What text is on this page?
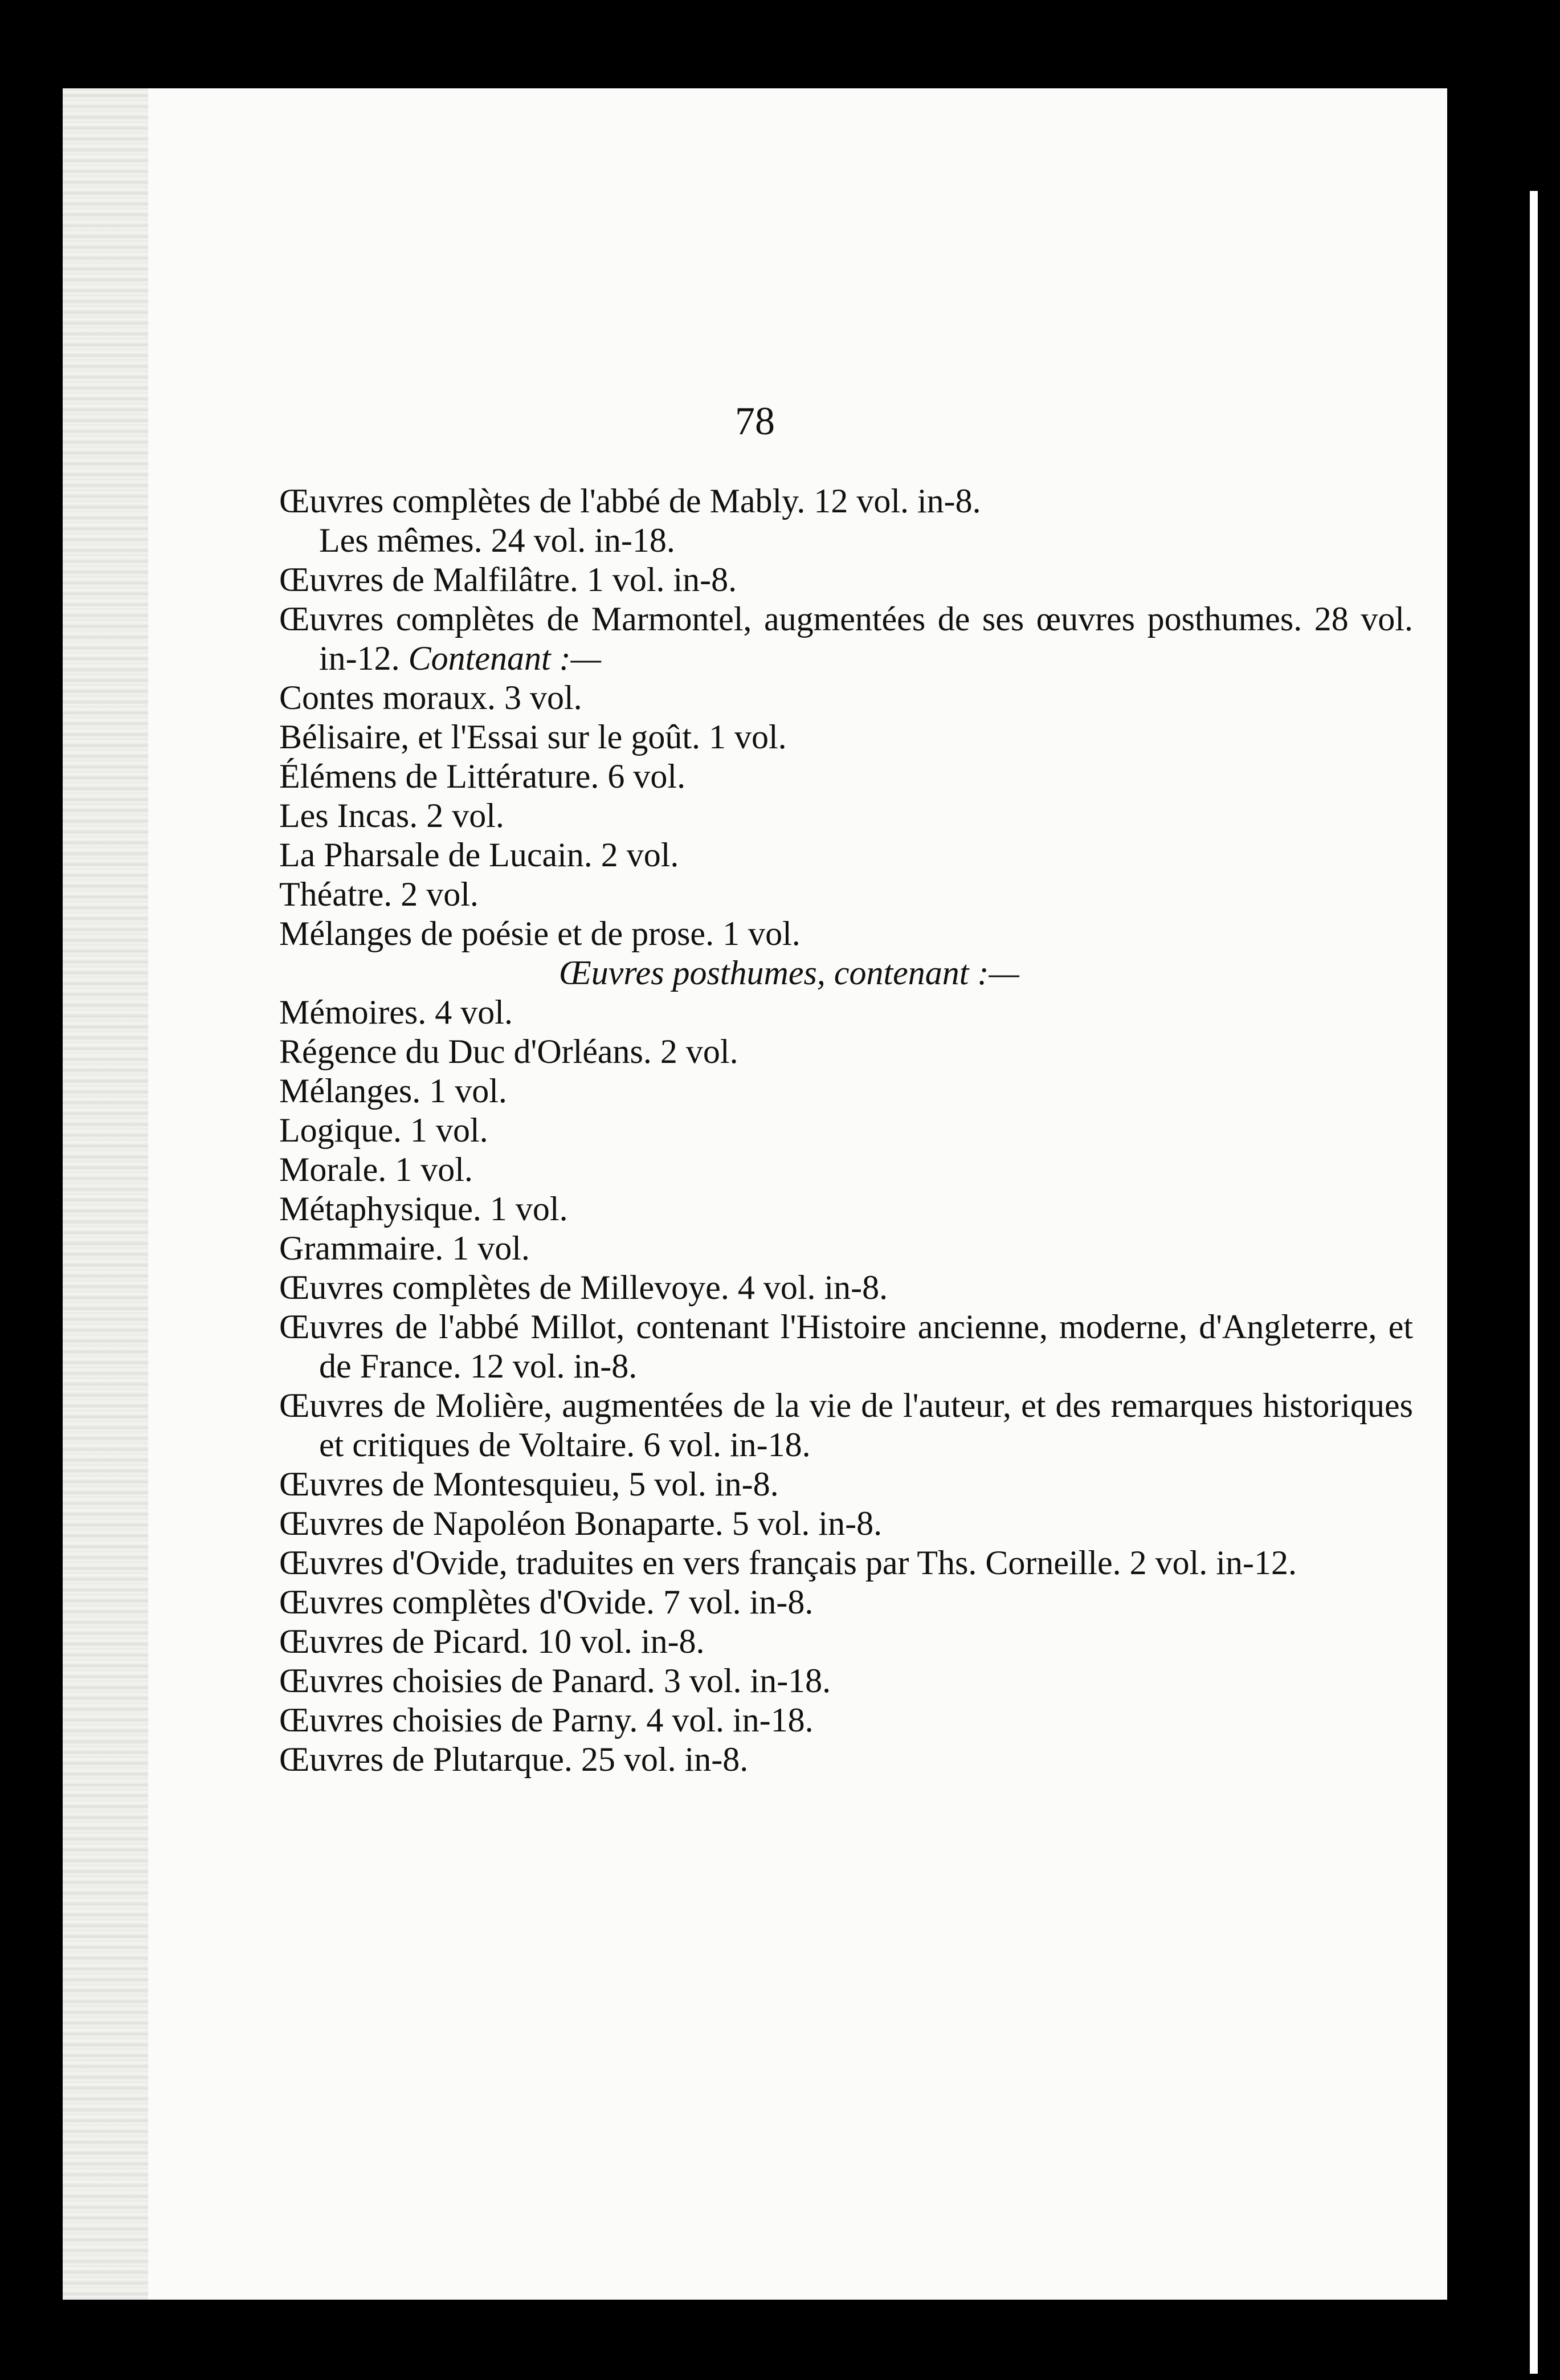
78

Œuvres complètes de l'abbé de Mably. 12 vol. in-8.
Les mêmes. 24 vol. in-18.
Œuvres de Malfilâtre. 1 vol. in-8.
Œuvres complètes de Marmontel, augmentées de ses œuvres posthumes. 28 vol. in-12. Contenant :—
Contes moraux. 3 vol.
Bélisaire, et l'Essai sur le goût. 1 vol.
Élémens de Littérature. 6 vol.
Les Incas. 2 vol.
La Pharsale de Lucain. 2 vol.
Théatre. 2 vol.
Mélanges de poésie et de prose. 1 vol.
Œuvres posthumes, contenant :—
Mémoires. 4 vol.
Régence du Duc d'Orléans. 2 vol.
Mélanges. 1 vol.
Logique. 1 vol.
Morale. 1 vol.
Métaphysique. 1 vol.
Grammaire. 1 vol.
Œuvres complètes de Millevoye. 4 vol. in-8.
Œuvres de l'abbé Millot, contenant l'Histoire ancienne, moderne, d'Angleterre, et de France. 12 vol. in-8.
Œuvres de Molière, augmentées de la vie de l'auteur, et des remarques historiques et critiques de Voltaire. 6 vol. in-18.
Œuvres de Montesquieu, 5 vol. in-8.
Œuvres de Napoléon Bonaparte. 5 vol. in-8.
Œuvres d'Ovide, traduites en vers français par Ths. Corneille. 2 vol. in-12.
Œuvres complètes d'Ovide. 7 vol. in-8.
Œuvres de Picard. 10 vol. in-8.
Œuvres choisies de Panard. 3 vol. in-18.
Œuvres choisies de Parny. 4 vol. in-18.
Œuvres de Plutarque. 25 vol. in-8.
